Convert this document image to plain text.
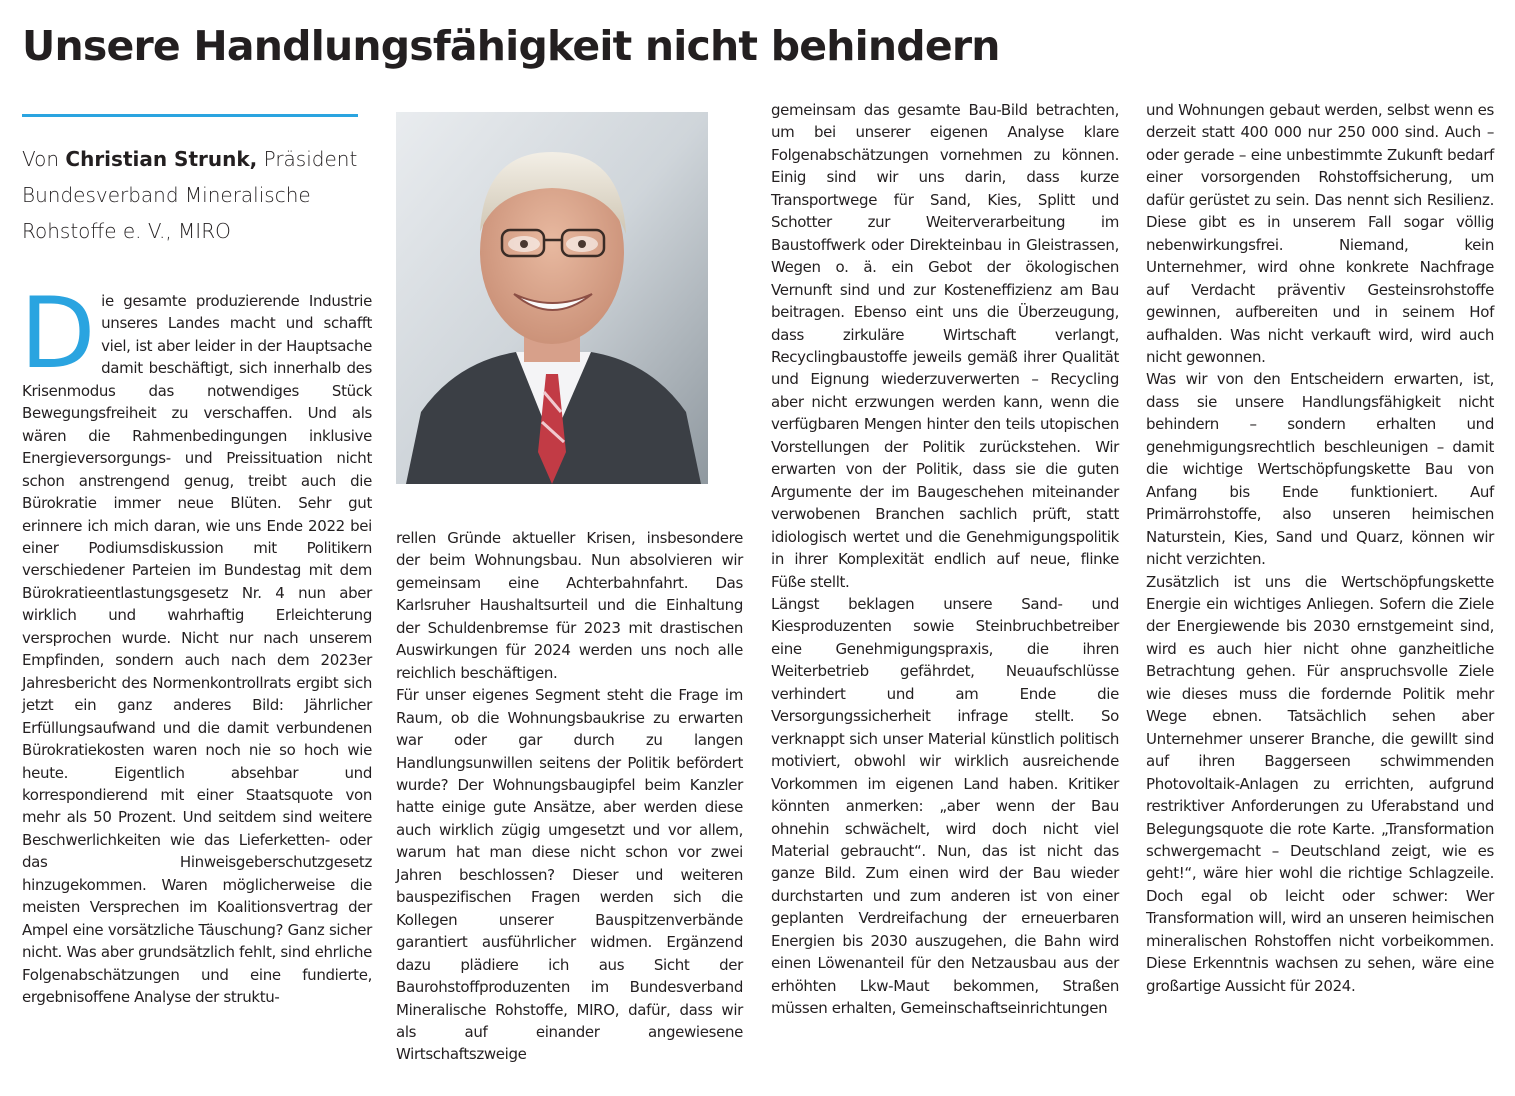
Unsere Handlungsfähigkeit nicht behindern
Von Christian Strunk, Präsident Bundesverband Mineralische Rohstoffe e. V., MIRO

Die gesamte produzierende Industrie unseres Landes macht und schafft viel, ist aber leider in der Hauptsache damit beschäftigt, sich innerhalb des Krisenmodus das notwendiges Stück Bewegungsfreiheit zu verschaffen. Und als wären die Rahmenbedingungen inklusive Energieversorgungs- und Preissituation nicht schon anstrengend genug, treibt auch die Bürokratie immer neue Blüten. Sehr gut erinnere ich mich daran, wie uns Ende 2022 bei einer Podiumsdiskussion mit Politikern verschiedener Parteien im Bundestag mit dem Bürokratieentlastungsgesetz Nr. 4 nun aber wirklich und wahrhaftig Erleichterung versprochen wurde. Nicht nur nach unserem Empfinden, sondern auch nach dem 2023er Jahresbericht des Normenkontrollrats ergibt sich jetzt ein ganz anderes Bild: Jährlicher Erfüllungsaufwand und die damit verbundenen Bürokratiekosten waren noch nie so hoch wie heute. Eigentlich absehbar und korrespondierend mit einer Staatsquote von mehr als 50 Prozent. Und seitdem sind weitere Beschwerlichkeiten wie das Lieferketten- oder das Hinweisgeberschutzgesetz hinzugekommen. Waren möglicherweise die meisten Versprechen im Koalitionsvertrag der Ampel eine vorsätzliche Täuschung? Ganz sicher nicht. Was aber grundsätzlich fehlt, sind ehrliche Folgenabschätzungen und eine fundierte, ergebnisoffene Analyse der struktu-

rellen Gründe aktueller Krisen, insbesondere der beim Wohnungsbau. Nun absolvieren wir gemeinsam eine Achterbahnfahrt. Das Karlsruher Haushaltsurteil und die Einhaltung der Schuldenbremse für 2023 mit drastischen Auswirkungen für 2024 werden uns noch alle reichlich beschäftigen.

Für unser eigenes Segment steht die Frage im Raum, ob die Wohnungsbaukrise zu erwarten war oder gar durch zu langen Handlungsunwillen seitens der Politik befördert wurde? Der Wohnungsbaugipfel beim Kanzler hatte einige gute Ansätze, aber werden diese auch wirklich zügig umgesetzt und vor allem, warum hat man diese nicht schon vor zwei Jahren beschlossen? Dieser und weiteren bauspezifischen Fragen werden sich die Kollegen unserer Bauspitzenverbände garantiert ausführlicher widmen. Ergänzend dazu plädiere ich aus Sicht der Baurohstoffproduzenten im Bundesverband Mineralische Rohstoffe, MIRO, dafür, dass wir als auf einander angewiesene Wirtschaftszweige

gemeinsam das gesamte Bau-Bild betrachten, um bei unserer eigenen Analyse klare Folgenabschätzungen vornehmen zu können. Einig sind wir uns darin, dass kurze Transportwege für Sand, Kies, Splitt und Schotter zur Weiterverarbeitung im Baustoffwerk oder Direkteinbau in Gleistrassen, Wegen o. ä. ein Gebot der ökologischen Vernunft sind und zur Kosteneffizienz am Bau beitragen. Ebenso eint uns die Überzeugung, dass zirkuläre Wirtschaft verlangt, Recyclingbaustoffe jeweils gemäß ihrer Qualität und Eignung wiederzuverwerten – Recycling aber nicht erzwungen werden kann, wenn die verfügbaren Mengen hinter den teils utopischen Vorstellungen der Politik zurückstehen. Wir erwarten von der Politik, dass sie die guten Argumente der im Baugeschehen miteinander verwobenen Branchen sachlich prüft, statt idiologisch wertet und die Genehmigungspolitik in ihrer Komplexität endlich auf neue, flinke Füße stellt.

Längst beklagen unsere Sand- und Kiesproduzenten sowie Steinbruchbetreiber eine Genehmigungspraxis, die ihren Weiterbetrieb gefährdet, Neuaufschlüsse verhindert und am Ende die Versorgungssicherheit infrage stellt. So verknappt sich unser Material künstlich politisch motiviert, obwohl wir wirklich ausreichende Vorkommen im eigenen Land haben. Kritiker könnten anmerken: „aber wenn der Bau ohnehin schwächelt, wird doch nicht viel Material gebraucht“. Nun, das ist nicht das ganze Bild. Zum einen wird der Bau wieder durchstarten und zum anderen ist von einer geplanten Verdreifachung der erneuerbaren Energien bis 2030 auszugehen, die Bahn wird einen Löwenanteil für den Netzausbau aus der erhöhten Lkw-Maut bekommen, Straßen müssen erhalten, Gemeinschaftseinrichtungen

und Wohnungen gebaut werden, selbst wenn es derzeit statt 400 000 nur 250 000 sind. Auch – oder gerade – eine unbestimmte Zukunft bedarf einer vorsorgenden Rohstoffsicherung, um dafür gerüstet zu sein. Das nennt sich Resilienz. Diese gibt es in unserem Fall sogar völlig nebenwirkungsfrei. Niemand, kein Unternehmer, wird ohne konkrete Nachfrage auf Verdacht präventiv Gesteinsrohstoffe gewinnen, aufbereiten und in seinem Hof aufhalden. Was nicht verkauft wird, wird auch nicht gewonnen.

Was wir von den Entscheidern erwarten, ist, dass sie unsere Handlungsfähigkeit nicht behindern – sondern erhalten und genehmigungsrechtlich beschleunigen – damit die wichtige Wertschöpfungskette Bau von Anfang bis Ende funktioniert. Auf Primärrohstoffe, also unseren heimischen Naturstein, Kies, Sand und Quarz, können wir nicht verzichten.

Zusätzlich ist uns die Wertschöpfungskette Energie ein wichtiges Anliegen. Sofern die Ziele der Energiewende bis 2030 ernstgemeint sind, wird es auch hier nicht ohne ganzheitliche Betrachtung gehen. Für anspruchsvolle Ziele wie dieses muss die fordernde Politik mehr Wege ebnen. Tatsächlich sehen aber Unternehmer unserer Branche, die gewillt sind auf ihren Baggerseen schwimmenden Photovoltaik-Anlagen zu errichten, aufgrund restriktiver Anforderungen zu Uferabstand und Belegungsquote die rote Karte. „Transformation schwergemacht – Deutschland zeigt, wie es geht!“, wäre hier wohl die richtige Schlagzeile. Doch egal ob leicht oder schwer: Wer Transformation will, wird an unseren heimischen mineralischen Rohstoffen nicht vorbeikommen. Diese Erkenntnis wachsen zu sehen, wäre eine großartige Aussicht für 2024.
